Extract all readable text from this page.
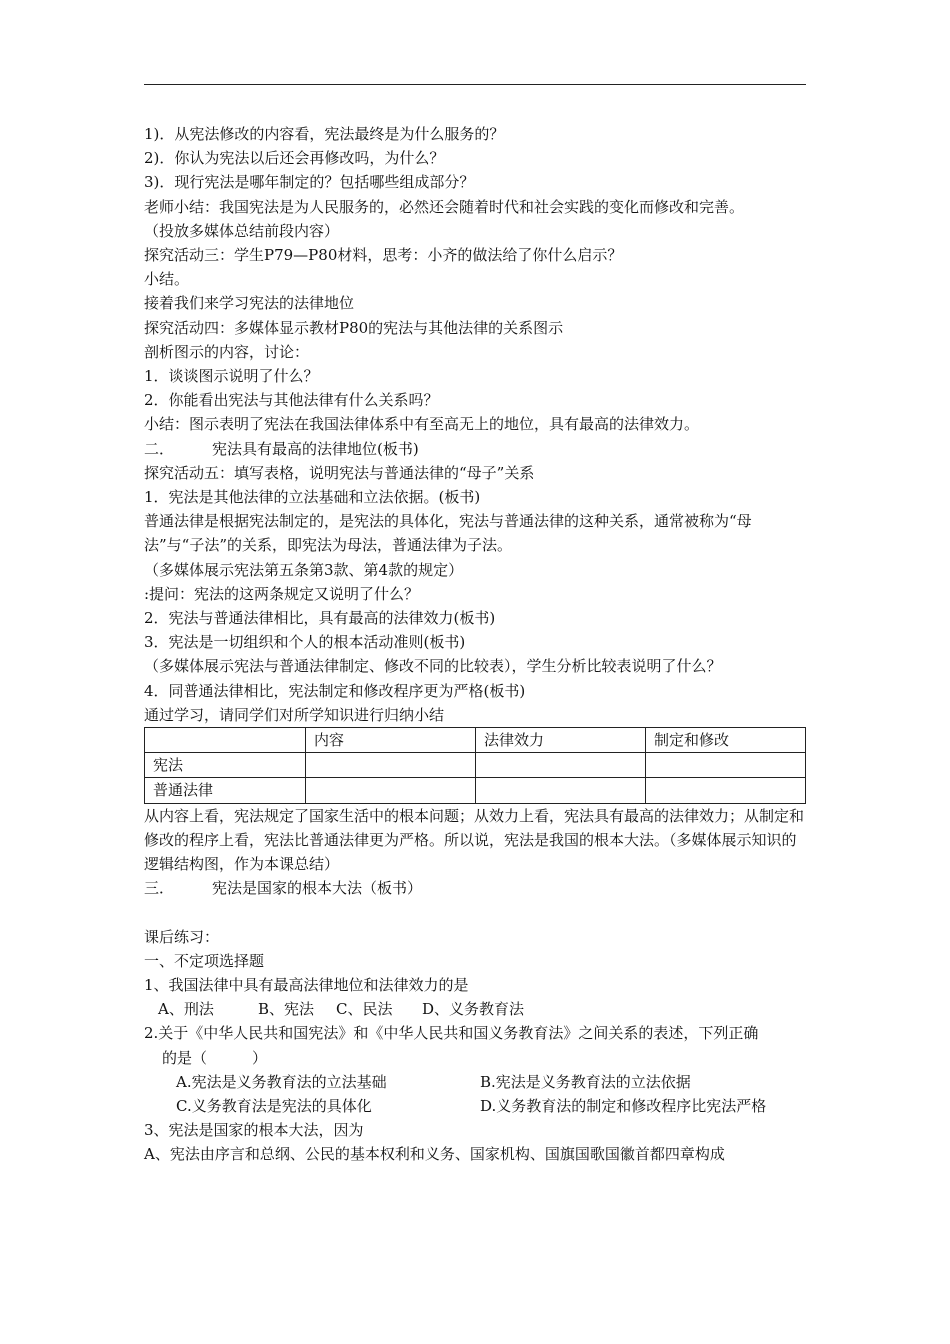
1)．从宪法修改的内容看，宪法最终是为什么服务的？
2)．你认为宪法以后还会再修改吗，为什么？
3)．现行宪法是哪年制定的？包括哪些组成部分？
老师小结：我国宪法是为人民服务的，必然还会随着时代和社会实践的变化而修改和完善。
（投放多媒体总结前段内容）
探究活动三：学生P79—P80材料，思考：小齐的做法给了你什么启示？
小结。
接着我们来学习宪法的法律地位
探究活动四：多媒体显示教材P80的宪法与其他法律的关系图示
剖析图示的内容，讨论：
1．谈谈图示说明了什么？
2．你能看出宪法与其他法律有什么关系吗？
小结：图示表明了宪法在我国法律体系中有至高无上的地位，具有最高的法律效力。
二．	宪法具有最高的法律地位(板书)
探究活动五：填写表格，说明宪法与普通法律的“母子”关系
1．宪法是其他法律的立法基础和立法依据。(板书)
普通法律是根据宪法制定的，是宪法的具体化，宪法与普通法律的这种关系，通常被称为“母法”与“子法”的关系，即宪法为母法，普通法律为子法。
（多媒体展示宪法第五条第3款、第4款的规定）
:提问：宪法的这两条规定又说明了什么？
2．宪法与普通法律相比，具有最高的法律效力(板书)
3．宪法是一切组织和个人的根本活动准则(板书)
（多媒体展示宪法与普通法律制定、修改不同的比较表），学生分析比较表说明了什么？
4．同普通法律相比，宪法制定和修改程序更为严格(板书)
通过学习，请同学们对所学知识进行归纳小结
	内容	法律效力	制定和修改
宪法			
普通法律			
从内容上看，宪法规定了国家生活中的根本问题；从效力上看，宪法具有最高的法律效力；从制定和修改的程序上看，宪法比普通法律更为严格。所以说，宪法是我国的根本大法。（多媒体展示知识的逻辑结构图，作为本课总结）
三．	宪法是国家的根本大法（板书）
课后练习：
一、不定项选择题
1、我国法律中具有最高法律地位和法律效力的是
A、刑法	B、宪法 C、民法 D、义务教育法
2.关于《中华人民共和国宪法》和《中华人民共和国义务教育法》之间关系的表述，下列正确
的是（　　　）
A.宪法是义务教育法的立法基础	B.宪法是义务教育法的立法依据
C.义务教育法是宪法的具体化	D.义务教育法的制定和修改程序比宪法严格
3、宪法是国家的根本大法，因为
A、宪法由序言和总纲、公民的基本权利和义务、国家机构、国旗国歌国徽首都四章构成
